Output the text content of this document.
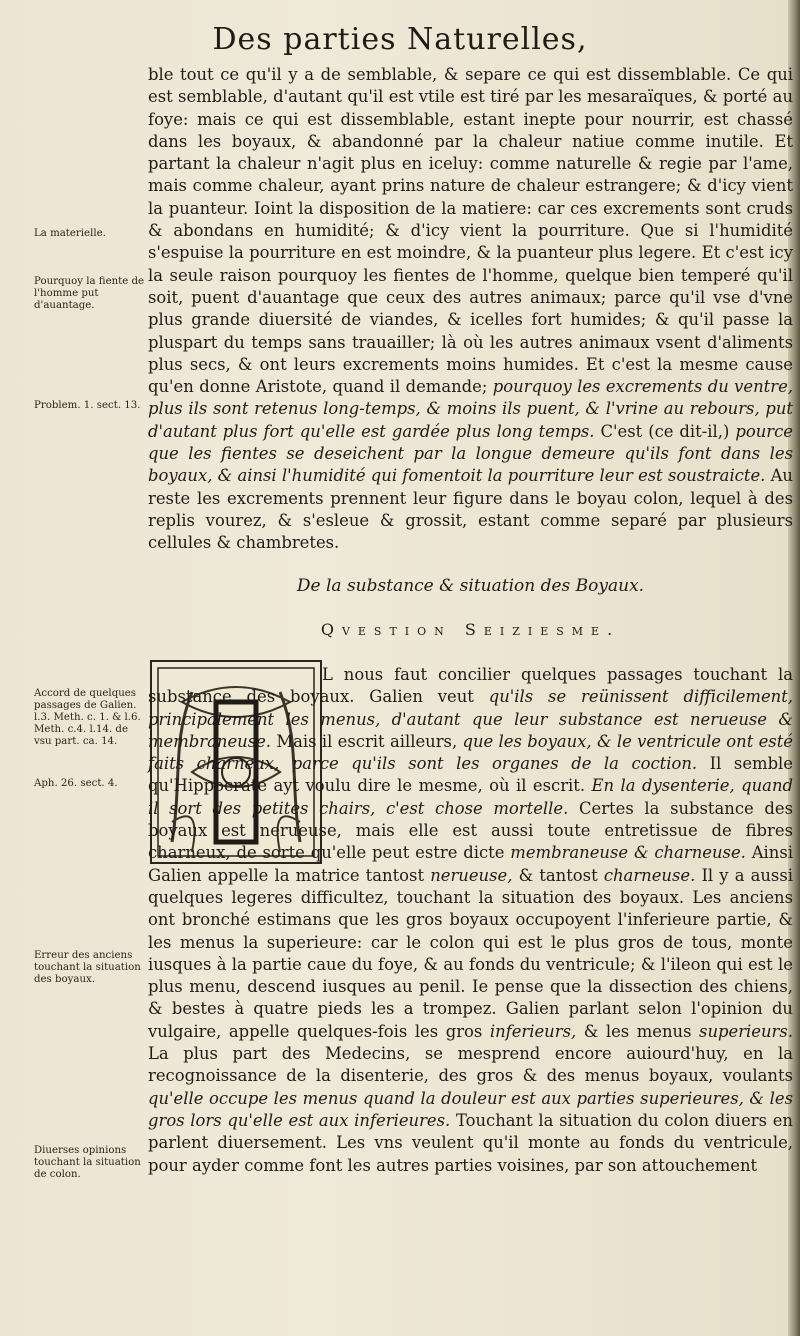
Des parties Naturelles,
La materielle.
Pourquoy la fiente de l'homme put d'auantage.
Problem. 1. sect. 13.
Accord de quelques passages de Galien. l.3. Meth. c. 1. & l.6. Meth. c.4. l.14. de vsu part. ca. 14.
Aph. 26. sect. 4.
Erreur des anciens touchant la situation des boyaux.
Diuerses opinions touchant la situation de colon.

ble tout ce qu'il y a de semblable, & separe ce qui est dissemblable. Ce qui est semblable, d'autant qu'il est vtile est tiré par les mesaraïques, & porté au foye: mais ce qui est dissemblable, estant inepte pour nourrir, est chassé dans les boyaux, & abandonné par la chaleur natiue comme inutile. Et partant la chaleur n'agit plus en iceluy: comme naturelle & regie par l'ame, mais comme chaleur, ayant prins nature de chaleur estrangere; & d'icy vient la puanteur. Ioint la disposition de la matiere: car ces excrements sont cruds & abondans en humidité; & d'icy vient la pourriture. Que si l'humidité s'espuise la pourriture en est moindre, & la puanteur plus legere. Et c'est icy la seule raison pourquoy les fientes de l'homme, quelque bien temperé qu'il soit, puent d'auantage que ceux des autres animaux; parce qu'il vse d'vne plus grande diuersité de viandes, & icelles fort humides; & qu'il passe la pluspart du temps sans trauailler; là où les autres animaux vsent d'aliments plus secs, & ont leurs excrements moins humides. Et c'est la mesme cause qu'en donne Aristote, quand il demande; pourquoy les excrements du ventre, plus ils sont retenus long-temps, & moins ils puent, & l'vrine au rebours, put d'autant plus fort qu'elle est gardée plus long temps. C'est (ce dit-il,) pource que les fientes se deseichent par la longue demeure qu'ils font dans les boyaux, & ainsi l'humidité qui fomentoit la pourriture leur est soustraicte. Au reste les excrements prennent leur figure dans le boyau colon, lequel à des replis vourez, & s'esleue & grossit, estant comme separé par plusieurs cellules & chambretes.

De la substance & situation des Boyaux.
Qvestion Seiziesme.

L nous faut concilier quelques passages touchant la substance des boyaux. Galien veut qu'ils se reünissent difficilement, principalement les menus, d'autant que leur substance est nerueuse & membraneuse. Mais il escrit ailleurs, que les boyaux, & le ventricule ont esté faits charneux, parce qu'ils sont les organes de la coction. Il semble qu'Hippocrate ayt voulu dire le mesme, où il escrit. En la dysenterie, quand il sort des petites chairs, c'est chose mortelle. Certes la substance des boyaux est nerueuse, mais elle est aussi toute entretissue de fibres charneux, de sorte qu'elle peut estre dicte membraneuse & charneuse. Ainsi Galien appelle la matrice tantost nerueuse, & tantost charneuse. Il y a aussi quelques legeres difficultez, touchant la situation des boyaux. Les anciens ont bronché estimans que les gros boyaux occupoyent l'inferieure partie, & les menus la superieure: car le colon qui est le plus gros de tous, monte iusques à la partie caue du foye, & au fonds du ventricule; & l'ileon qui est le plus menu, descend iusques au penil. Ie pense que la dissection des chiens, & bestes à quatre pieds les a trompez. Galien parlant selon l'opinion du vulgaire, appelle quelques-fois les gros inferieurs, & les menus superieurs. La plus part des Medecins, se mesprend encore auiourd'huy, en la recognoissance de la disenterie, des gros & des menus boyaux, voulants qu'elle occupe les menus quand la douleur est aux parties superieures, & les gros lors qu'elle est aux inferieures. Touchant la situation du colon diuers en parlent diuersement. Les vns veulent qu'il monte au fonds du ventricule, pour ayder comme font les autres parties voisines, par son attouchement
